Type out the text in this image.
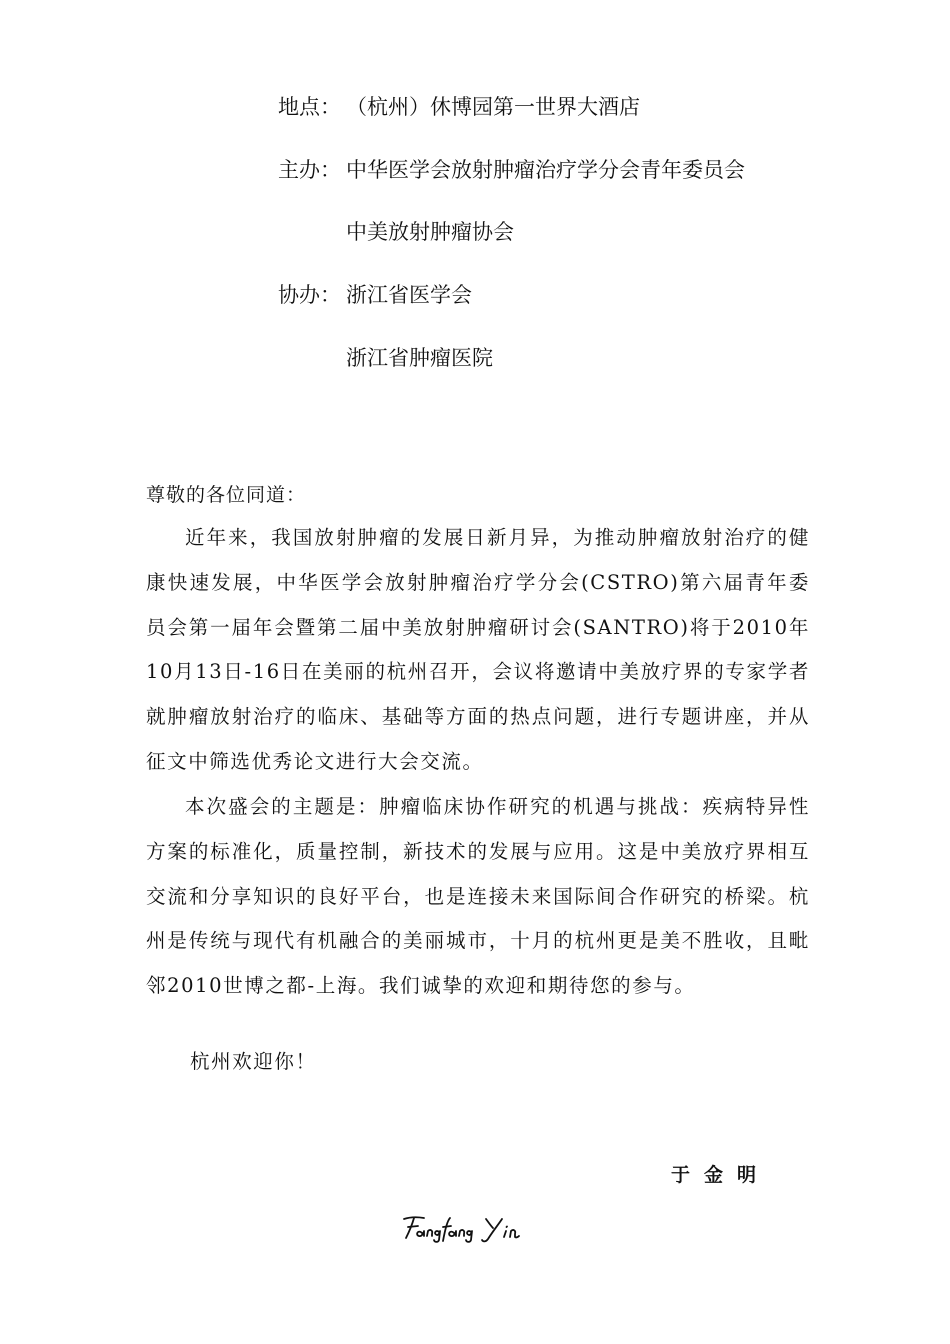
地点： （杭州）休博园第一世界大酒店
主办： 中华医学会放射肿瘤治疗学分会青年委员会
中美放射肿瘤协会
协办： 浙江省医学会
浙江省肿瘤医院
尊敬的各位同道：

近年来，我国放射肿瘤的发展日新月异，为推动肿瘤放射治疗的健康快速发展，中华医学会放射肿瘤治疗学分会(CSTRO)第六届青年委员会第一届年会暨第二届中美放射肿瘤研讨会(SANTRO)将于2010年10月13日-16日在美丽的杭州召开，会议将邀请中美放疗界的专家学者就肿瘤放射治疗的临床、基础等方面的热点问题，进行专题讲座，并从征文中筛选优秀论文进行大会交流。

本次盛会的主题是：肿瘤临床协作研究的机遇与挑战：疾病特异性方案的标准化，质量控制，新技术的发展与应用。这是中美放疗界相互交流和分享知识的良好平台，也是连接未来国际间合作研究的桥梁。杭州是传统与现代有机融合的美丽城市，十月的杭州更是美不胜收，且毗邻2010世博之都-上海。我们诚挚的欢迎和期待您的参与。

杭州欢迎你！
于金明
